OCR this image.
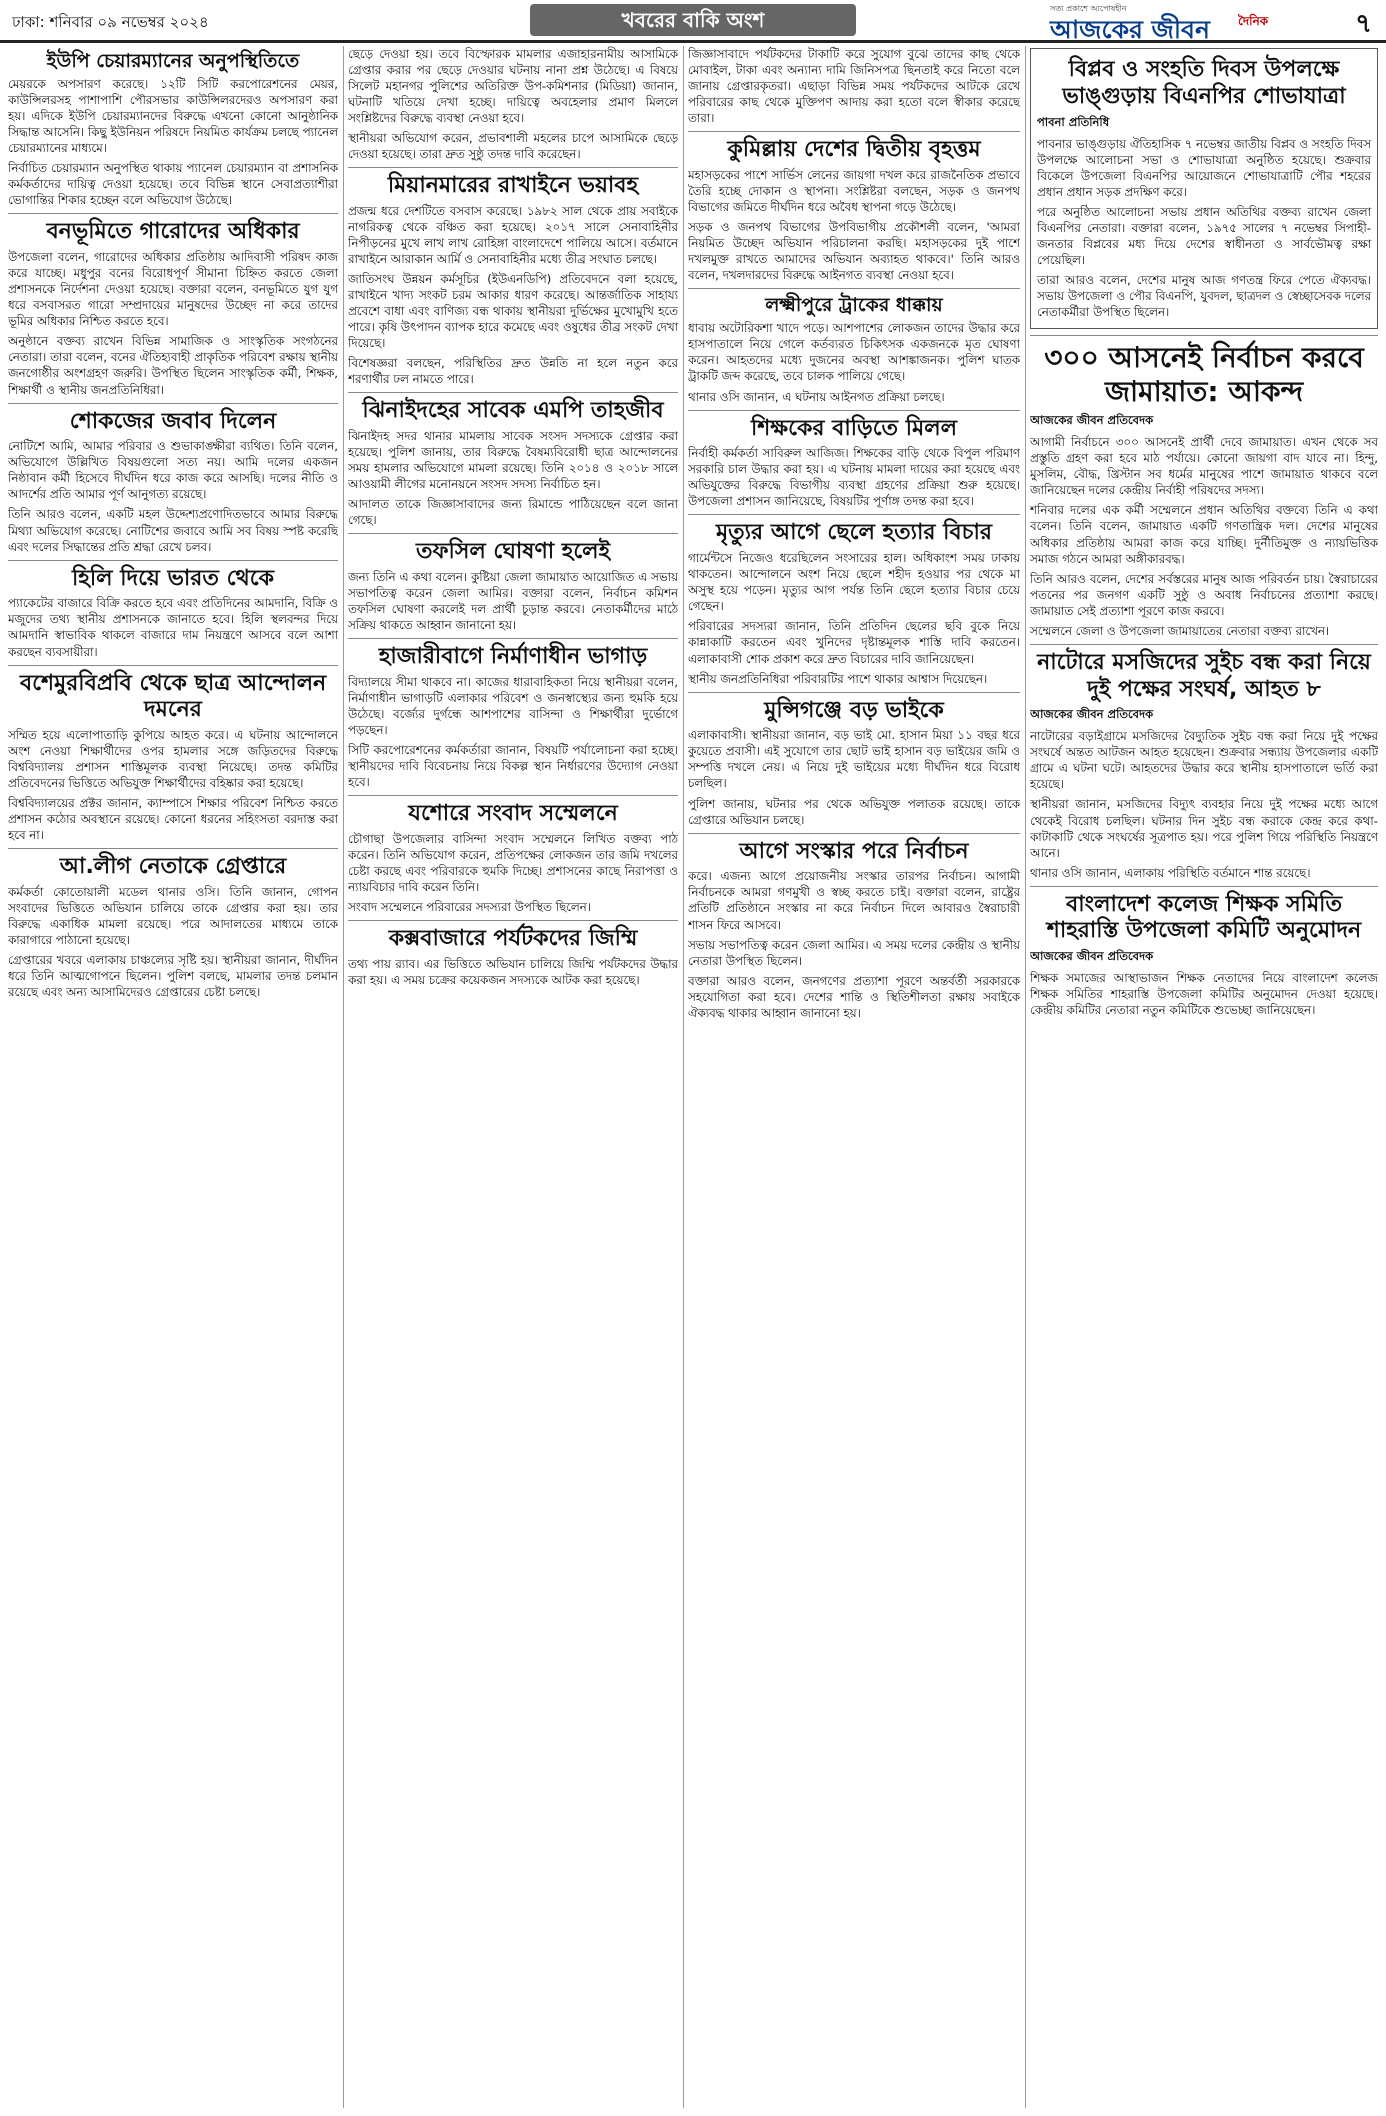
ঢাকা: শনিবার ০৯ নভেম্বর ২০২৪	খবরের বাকি অংশ	সত্য প্রকাশে আপোষহীন
আজকের জীবন দৈনিক	৭
ইউপি চেয়ারম্যানের অনুপস্থিতিতে

মেয়রকে অপসারণ করেছে। ১২টি সিটি করপোরেশনের মেয়র, কাউন্সিলরসহ পাশাপাশি পৌরসভার কাউন্সিলরদেরও অপসারণ করা হয়। এদিকে ইউপি চেয়ারম্যানদের বিরুদ্ধে এখনো কোনো আনুষ্ঠানিক সিদ্ধান্ত আসেনি। কিছু ইউনিয়ন পরিষদে নিয়মিত কার্যক্রম চলছে প্যানেল চেয়ারম্যানের মাধ্যমে।

নির্বাচিত চেয়ারম্যান অনুপস্থিত থাকায় প্যানেল চেয়ারম্যান বা প্রশাসনিক কর্মকর্তাদের দায়িত্ব দেওয়া হয়েছে। তবে বিভিন্ন স্থানে সেবাপ্রত্যাশীরা ভোগান্তির শিকার হচ্ছেন বলে অভিযোগ উঠেছে।

বনভূমিতে গারোদের অধিকার

উপজেলা বলেন, গারোদের অধিকার প্রতিষ্ঠায় আদিবাসী পরিষদ কাজ করে যাচ্ছে। মধুপুর বনের বিরোধপূর্ণ সীমানা চিহ্নিত করতে জেলা প্রশাসনকে নির্দেশনা দেওয়া হয়েছে। বক্তারা বলেন, বনভূমিতে যুগ যুগ ধরে বসবাসরত গারো সম্প্রদায়ের মানুষদের উচ্ছেদ না করে তাদের ভূমির অধিকার নিশ্চিত করতে হবে।

অনুষ্ঠানে বক্তব্য রাখেন বিভিন্ন সামাজিক ও সাংস্কৃতিক সংগঠনের নেতারা। তারা বলেন, বনের ঐতিহ্যবাহী প্রাকৃতিক পরিবেশ রক্ষায় স্থানীয় জনগোষ্ঠীর অংশগ্রহণ জরুরি। উপস্থিত ছিলেন সাংস্কৃতিক কর্মী, শিক্ষক, শিক্ষার্থী ও স্থানীয় জনপ্রতিনিধিরা।

শোকজের জবাব দিলেন

নোটিশে আমি, আমার পরিবার ও শুভাকাঙ্ক্ষীরা ব্যথিত। তিনি বলেন, অভিযোগে উল্লিখিত বিষয়গুলো সত্য নয়। আমি দলের একজন নিষ্ঠাবান কর্মী হিসেবে দীর্ঘদিন ধরে কাজ করে আসছি। দলের নীতি ও আদর্শের প্রতি আমার পূর্ণ আনুগত্য রয়েছে।

তিনি আরও বলেন, একটি মহল উদ্দেশ্যপ্রণোদিতভাবে আমার বিরুদ্ধে মিথ্যা অভিযোগ করেছে। নোটিশের জবাবে আমি সব বিষয় স্পষ্ট করেছি এবং দলের সিদ্ধান্তের প্রতি শ্রদ্ধা রেখে চলব।

হিলি দিয়ে ভারত থেকে

প্যাকেটের বাজারে বিক্রি করতে হবে এবং প্রতিদিনের আমদানি, বিক্রি ও মজুদের তথ্য স্থানীয় প্রশাসনকে জানাতে হবে। হিলি স্থলবন্দর দিয়ে আমদানি স্বাভাবিক থাকলে বাজারে দাম নিয়ন্ত্রণে আসবে বলে আশা করছেন ব্যবসায়ীরা।

বশেমুরবিপ্রবি থেকে ছাত্র আন্দোলন দমনের

সম্মিত হয়ে এলোপাতাড়ি কুপিয়ে আহত করে। এ ঘটনায় আন্দোলনে অংশ নেওয়া শিক্ষার্থীদের ওপর হামলার সঙ্গে জড়িতদের বিরুদ্ধে বিশ্ববিদ্যালয় প্রশাসন শাস্তিমূলক ব্যবস্থা নিয়েছে। তদন্ত কমিটির প্রতিবেদনের ভিত্তিতে অভিযুক্ত শিক্ষার্থীদের বহিষ্কার করা হয়েছে।

বিশ্ববিদ্যালয়ের প্রক্টর জানান, ক্যাম্পাসে শিক্ষার পরিবেশ নিশ্চিত করতে প্রশাসন কঠোর অবস্থানে রয়েছে। কোনো ধরনের সহিংসতা বরদাস্ত করা হবে না।

আ.লীগ নেতাকে গ্রেপ্তারে

কর্মকর্তা কোতোয়ালী মডেল থানার ওসি। তিনি জানান, গোপন সংবাদের ভিত্তিতে অভিযান চালিয়ে তাকে গ্রেপ্তার করা হয়। তার বিরুদ্ধে একাধিক মামলা রয়েছে। পরে আদালতের মাধ্যমে তাকে কারাগারে পাঠানো হয়েছে।

গ্রেপ্তারের খবরে এলাকায় চাঞ্চল্যের সৃষ্টি হয়। স্থানীয়রা জানান, দীর্ঘদিন ধরে তিনি আত্মগোপনে ছিলেন। পুলিশ বলছে, মামলার তদন্ত চলমান রয়েছে এবং অন্য আসামিদেরও গ্রেপ্তারের চেষ্টা চলছে।

ছেড়ে দেওয়া হয়। তবে বিস্ফোরক মামলার এজাহারনামীয় আসামিকে গ্রেপ্তার করার পর ছেড়ে দেওয়ার ঘটনায় নানা প্রশ্ন উঠেছে। এ বিষয়ে সিলেট মহানগর পুলিশের অতিরিক্ত উপ-কমিশনার (মিডিয়া) জানান, ঘটনাটি খতিয়ে দেখা হচ্ছে। দায়িত্বে অবহেলার প্রমাণ মিললে সংশ্লিষ্টদের বিরুদ্ধে ব্যবস্থা নেওয়া হবে।

স্থানীয়রা অভিযোগ করেন, প্রভাবশালী মহলের চাপে আসামিকে ছেড়ে দেওয়া হয়েছে। তারা দ্রুত সুষ্ঠু তদন্ত দাবি করেছেন।

মিয়ানমারের রাখাইনে ভয়াবহ

প্রজন্ম ধরে দেশটিতে বসবাস করেছে। ১৯৮২ সাল থেকে প্রায় সবাইকে নাগরিকত্ব থেকে বঞ্চিত করা হয়েছে। ২০১৭ সালে সেনাবাহিনীর নিপীড়নের মুখে লাখ লাখ রোহিঙ্গা বাংলাদেশে পালিয়ে আসে। বর্তমানে রাখাইনে আরাকান আর্মি ও সেনাবাহিনীর মধ্যে তীব্র সংঘাত চলছে।

জাতিসংঘ উন্নয়ন কর্মসূচির (ইউএনডিপি) প্রতিবেদনে বলা হয়েছে, রাখাইনে খাদ্য সংকট চরম আকার ধারণ করেছে। আন্তর্জাতিক সাহায্য প্রবেশে বাধা এবং বাণিজ্য বন্ধ থাকায় স্থানীয়রা দুর্ভিক্ষের মুখোমুখি হতে পারে। কৃষি উৎপাদন ব্যাপক হারে কমেছে এবং ওষুধের তীব্র সংকট দেখা দিয়েছে।

বিশেষজ্ঞরা বলছেন, পরিস্থিতির দ্রুত উন্নতি না হলে নতুন করে শরণার্থীর ঢল নামতে পারে।

ঝিনাইদহের সাবেক এমপি তাহজীব

ঝিনাইদহ সদর থানার মামলায় সাবেক সংসদ সদস্যকে গ্রেপ্তার করা হয়েছে। পুলিশ জানায়, তার বিরুদ্ধে বৈষম্যবিরোধী ছাত্র আন্দোলনের সময় হামলার অভিযোগে মামলা রয়েছে। তিনি ২০১৪ ও ২০১৮ সালে আওয়ামী লীগের মনোনয়নে সংসদ সদস্য নির্বাচিত হন।

আদালত তাকে জিজ্ঞাসাবাদের জন্য রিমান্ডে পাঠিয়েছেন বলে জানা গেছে।

তফসিল ঘোষণা হলেই

জন্য তিনি এ কথা বলেন। কুষ্টিয়া জেলা জামায়াত আয়োজিত এ সভায় সভাপতিত্ব করেন জেলা আমির। বক্তারা বলেন, নির্বাচন কমিশন তফসিল ঘোষণা করলেই দল প্রার্থী চূড়ান্ত করবে। নেতাকর্মীদের মাঠে সক্রিয় থাকতে আহ্বান জানানো হয়।

হাজারীবাগে নির্মাণাধীন ভাগাড়

বিদ্যালয়ে সীমা থাকবে না। কাজের ধারাবাহিকতা নিয়ে স্থানীয়রা বলেন, নির্মাণাধীন ভাগাড়টি এলাকার পরিবেশ ও জনস্বাস্থ্যের জন্য হুমকি হয়ে উঠেছে। বর্জ্যের দুর্গন্ধে আশপাশের বাসিন্দা ও শিক্ষার্থীরা দুর্ভোগে পড়ছেন।

সিটি করপোরেশনের কর্মকর্তারা জানান, বিষয়টি পর্যালোচনা করা হচ্ছে। স্থানীয়দের দাবি বিবেচনায় নিয়ে বিকল্প স্থান নির্ধারণের উদ্যোগ নেওয়া হবে।

যশোরে সংবাদ সম্মেলনে

চৌগাছা উপজেলার বাসিন্দা সংবাদ সম্মেলনে লিখিত বক্তব্য পাঠ করেন। তিনি অভিযোগ করেন, প্রতিপক্ষের লোকজন তার জমি দখলের চেষ্টা করছে এবং পরিবারকে হুমকি দিচ্ছে। প্রশাসনের কাছে নিরাপত্তা ও ন্যায়বিচার দাবি করেন তিনি।

সংবাদ সম্মেলনে পরিবারের সদস্যরা উপস্থিত ছিলেন।

কক্সবাজারে পর্যটকদের জিম্মি

তথ্য পায় র‍্যাব। এর ভিত্তিতে অভিযান চালিয়ে জিম্মি পর্যটকদের উদ্ধার করা হয়। এ সময় চক্রের কয়েকজন সদস্যকে আটক করা হয়েছে।

জিজ্ঞাসাবাদে পর্যটকদের টাকাটি করে সুযোগ বুঝে তাদের কাছ থেকে মোবাইল, টাকা এবং অন্যান্য দামি জিনিসপত্র ছিনতাই করে নিতো বলে জানায় গ্রেপ্তারকৃতরা। এছাড়া বিভিন্ন সময় পর্যটকদের আটকে রেখে পরিবারের কাছ থেকে মুক্তিপণ আদায় করা হতো বলে স্বীকার করেছে তারা।

কুমিল্লায় দেশের দ্বিতীয় বৃহত্তম

মহাসড়কের পাশে সার্ভিস লেনের জায়গা দখল করে রাজনৈতিক প্রভাবে তৈরি হচ্ছে দোকান ও স্থাপনা। সংশ্লিষ্টরা বলছেন, সড়ক ও জনপথ বিভাগের জমিতে দীর্ঘদিন ধরে অবৈধ স্থাপনা গড়ে উঠেছে।

সড়ক ও জনপথ বিভাগের উপবিভাগীয় প্রকৌশলী বলেন, 'আমরা নিয়মিত উচ্ছেদ অভিযান পরিচালনা করছি। মহাসড়কের দুই পাশে দখলমুক্ত রাখতে আমাদের অভিযান অব্যাহত থাকবে।' তিনি আরও বলেন, দখলদারদের বিরুদ্ধে আইনগত ব্যবস্থা নেওয়া হবে।

লক্ষ্মীপুরে ট্রাকের ধাক্কায়

ধাবায় অটোরিকশা খাদে পড়ে। আশপাশের লোকজন তাদের উদ্ধার করে হাসপাতালে নিয়ে গেলে কর্তব্যরত চিকিৎসক একজনকে মৃত ঘোষণা করেন। আহতদের মধ্যে দুজনের অবস্থা আশঙ্কাজনক। পুলিশ ঘাতক ট্রাকটি জব্দ করেছে, তবে চালক পালিয়ে গেছে।

থানার ওসি জানান, এ ঘটনায় আইনগত প্রক্রিয়া চলছে।

শিক্ষকের বাড়িতে মিলল

নির্বাহী কর্মকর্তা সাবিরুল আজিজ। শিক্ষকের বাড়ি থেকে বিপুল পরিমাণ সরকারি চাল উদ্ধার করা হয়। এ ঘটনায় মামলা দায়ের করা হয়েছে এবং অভিযুক্তের বিরুদ্ধে বিভাগীয় ব্যবস্থা গ্রহণের প্রক্রিয়া শুরু হয়েছে। উপজেলা প্রশাসন জানিয়েছে, বিষয়টির পূর্ণাঙ্গ তদন্ত করা হবে।

মৃত্যুর আগে ছেলে হত্যার বিচার

গার্মেন্টসে নিজেও ধরেছিলেন সংসারের হাল। অধিকাংশ সময় ঢাকায় থাকতেন। আন্দোলনে অংশ নিয়ে ছেলে শহীদ হওয়ার পর থেকে মা অসুস্থ হয়ে পড়েন। মৃত্যুর আগ পর্যন্ত তিনি ছেলে হত্যার বিচার চেয়ে গেছেন।

পরিবারের সদস্যরা জানান, তিনি প্রতিদিন ছেলের ছবি বুকে নিয়ে কান্নাকাটি করতেন এবং খুনিদের দৃষ্টান্তমূলক শাস্তি দাবি করতেন। এলাকাবাসী শোক প্রকাশ করে দ্রুত বিচারের দাবি জানিয়েছেন।

স্থানীয় জনপ্রতিনিধিরা পরিবারটির পাশে থাকার আশ্বাস দিয়েছেন।

মুন্সিগঞ্জে বড় ভাইকে

এলাকাবাসী। স্থানীয়রা জানান, বড় ভাই মো. হাসান মিয়া ১১ বছর ধরে কুয়েতে প্রবাসী। এই সুযোগে তার ছোট ভাই হাসান বড় ভাইয়ের জমি ও সম্পত্তি দখলে নেয়। এ নিয়ে দুই ভাইয়ের মধ্যে দীর্ঘদিন ধরে বিরোধ চলছিল।

পুলিশ জানায়, ঘটনার পর থেকে অভিযুক্ত পলাতক রয়েছে। তাকে গ্রেপ্তারে অভিযান চলছে।

আগে সংস্কার পরে নির্বাচন

করে। এজন্য আগে প্রয়োজনীয় সংস্কার তারপর নির্বাচন। আগামী নির্বাচনকে আমরা গণমুখী ও স্বচ্ছ করতে চাই। বক্তারা বলেন, রাষ্ট্রের প্রতিটি প্রতিষ্ঠানে সংস্কার না করে নির্বাচন দিলে আবারও স্বৈরাচারী শাসন ফিরে আসবে।

সভায় সভাপতিত্ব করেন জেলা আমির। এ সময় দলের কেন্দ্রীয় ও স্থানীয় নেতারা উপস্থিত ছিলেন।

বক্তারা আরও বলেন, জনগণের প্রত্যাশা পূরণে অন্তর্বর্তী সরকারকে সহযোগিতা করা হবে। দেশের শান্তি ও স্থিতিশীলতা রক্ষায় সবাইকে ঐক্যবদ্ধ থাকার আহ্বান জানানো হয়।

বিপ্লব ও সংহতি দিবস উপলক্ষে ভাঙ্গুড়ায় বিএনপির শোভাযাত্রা
পাবনা প্রতিনিধি

পাবনার ভাঙ্গুড়ায় ঐতিহাসিক ৭ নভেম্বর জাতীয় বিপ্লব ও সংহতি দিবস উপলক্ষে আলোচনা সভা ও শোভাযাত্রা অনুষ্ঠিত হয়েছে। শুক্রবার বিকেলে উপজেলা বিএনপির আয়োজনে শোভাযাত্রাটি পৌর শহরের প্রধান প্রধান সড়ক প্রদক্ষিণ করে।

পরে অনুষ্ঠিত আলোচনা সভায় প্রধান অতিথির বক্তব্য রাখেন জেলা বিএনপির নেতারা। বক্তারা বলেন, ১৯৭৫ সালের ৭ নভেম্বর সিপাহী-জনতার বিপ্লবের মধ্য দিয়ে দেশের স্বাধীনতা ও সার্বভৌমত্ব রক্ষা পেয়েছিল।

তারা আরও বলেন, দেশের মানুষ আজ গণতন্ত্র ফিরে পেতে ঐক্যবদ্ধ। সভায় উপজেলা ও পৌর বিএনপি, যুবদল, ছাত্রদল ও স্বেচ্ছাসেবক দলের নেতাকর্মীরা উপস্থিত ছিলেন।

৩০০ আসনেই নির্বাচন করবে জামায়াত: আকন্দ
আজকের জীবন প্রতিবেদক

আগামী নির্বাচনে ৩০০ আসনেই প্রার্থী দেবে জামায়াত। এখন থেকে সব প্রস্তুতি গ্রহণ করা হবে মাঠ পর্যায়ে। কোনো জায়গা বাদ যাবে না। হিন্দু, মুসলিম, বৌদ্ধ, খ্রিস্টান সব ধর্মের মানুষের পাশে জামায়াত থাকবে বলে জানিয়েছেন দলের কেন্দ্রীয় নির্বাহী পরিষদের সদস্য।

শনিবার দলের এক কর্মী সম্মেলনে প্রধান অতিথির বক্তব্যে তিনি এ কথা বলেন। তিনি বলেন, জামায়াত একটি গণতান্ত্রিক দল। দেশের মানুষের অধিকার প্রতিষ্ঠায় আমরা কাজ করে যাচ্ছি। দুর্নীতিমুক্ত ও ন্যায়ভিত্তিক সমাজ গঠনে আমরা অঙ্গীকারবদ্ধ।

তিনি আরও বলেন, দেশের সর্বস্তরের মানুষ আজ পরিবর্তন চায়। স্বৈরাচারের পতনের পর জনগণ একটি সুষ্ঠু ও অবাধ নির্বাচনের প্রত্যাশা করছে। জামায়াত সেই প্রত্যাশা পূরণে কাজ করবে।

সম্মেলনে জেলা ও উপজেলা জামায়াতের নেতারা বক্তব্য রাখেন।

নাটোরে মসজিদের সুইচ বন্ধ করা নিয়ে দুই পক্ষের সংঘর্ষ, আহত ৮
আজকের জীবন প্রতিবেদক

নাটোরের বড়াইগ্রামে মসজিদের বৈদ্যুতিক সুইচ বন্ধ করা নিয়ে দুই পক্ষের সংঘর্ষে অন্তত আটজন আহত হয়েছেন। শুক্রবার সন্ধ্যায় উপজেলার একটি গ্রামে এ ঘটনা ঘটে। আহতদের উদ্ধার করে স্থানীয় হাসপাতালে ভর্তি করা হয়েছে।

স্থানীয়রা জানান, মসজিদের বিদ্যুৎ ব্যবহার নিয়ে দুই পক্ষের মধ্যে আগে থেকেই বিরোধ চলছিল। ঘটনার দিন সুইচ বন্ধ করাকে কেন্দ্র করে কথা-কাটাকাটি থেকে সংঘর্ষের সূত্রপাত হয়। পরে পুলিশ গিয়ে পরিস্থিতি নিয়ন্ত্রণে আনে।

থানার ওসি জানান, এলাকায় পরিস্থিতি বর্তমানে শান্ত রয়েছে।

বাংলাদেশ কলেজ শিক্ষক সমিতি শাহরাস্তি উপজেলা কমিটি অনুমোদন
আজকের জীবন প্রতিবেদক

শিক্ষক সমাজের আস্থাভাজন শিক্ষক নেতাদের নিয়ে বাংলাদেশ কলেজ শিক্ষক সমিতির শাহরাস্তি উপজেলা কমিটির অনুমোদন দেওয়া হয়েছে। কেন্দ্রীয় কমিটির নেতারা নতুন কমিটিকে শুভেচ্ছা জানিয়েছেন।
